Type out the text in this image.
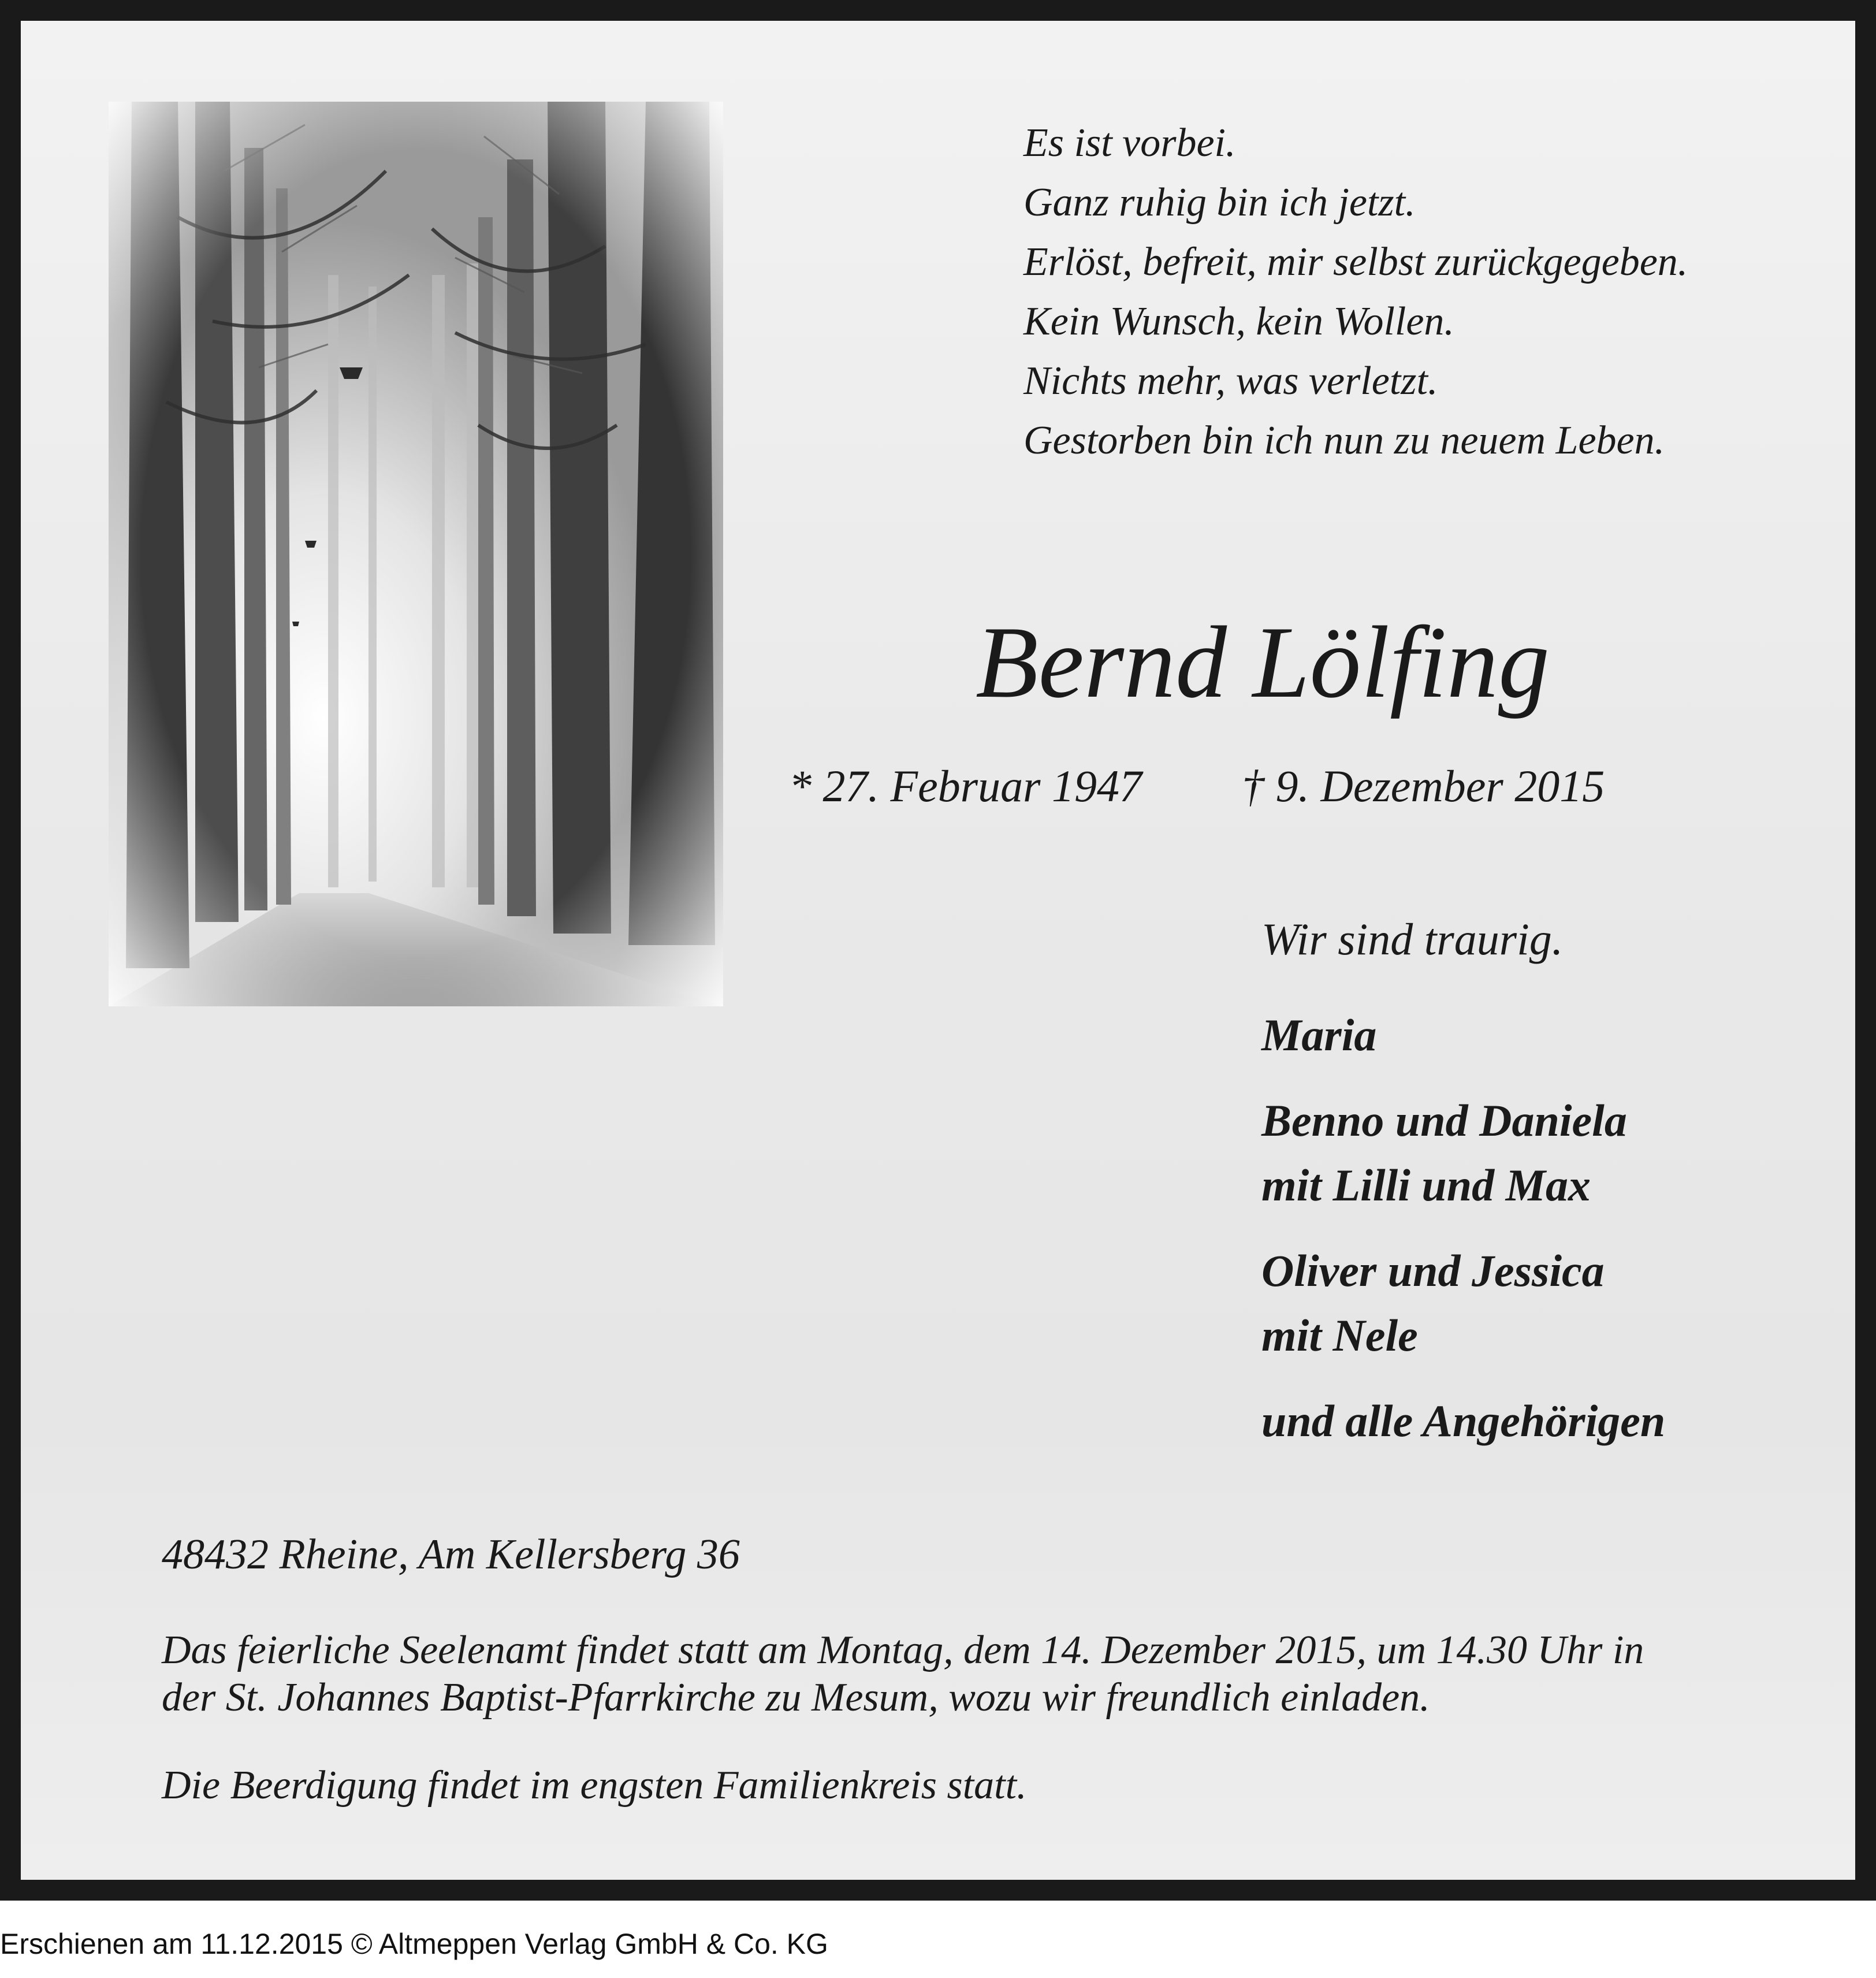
Es ist vorbei.
Ganz ruhig bin ich jetzt.
Erlöst, befreit, mir selbst zurückgegeben.
Kein Wunsch, kein Wollen.
Nichts mehr, was verletzt.
Gestorben bin ich nun zu neuem Leben.
Bernd Lölfing
* 27. Februar 1947 † 9. Dezember 2015
Wir sind traurig.
Maria
Benno und Daniela
mit Lilli und Max
Oliver und Jessica
mit Nele
und alle Angehörigen
48432 Rheine, Am Kellersberg 36
Das feierliche Seelenamt findet statt am Montag, dem 14. Dezember 2015, um 14.30 Uhr in
der St. Johannes Baptist-Pfarrkirche zu Mesum, wozu wir freundlich einladen.
Die Beerdigung findet im engsten Familienkreis statt.
Erschienen am 11.12.2015 © Altmeppen Verlag GmbH & Co. KG
